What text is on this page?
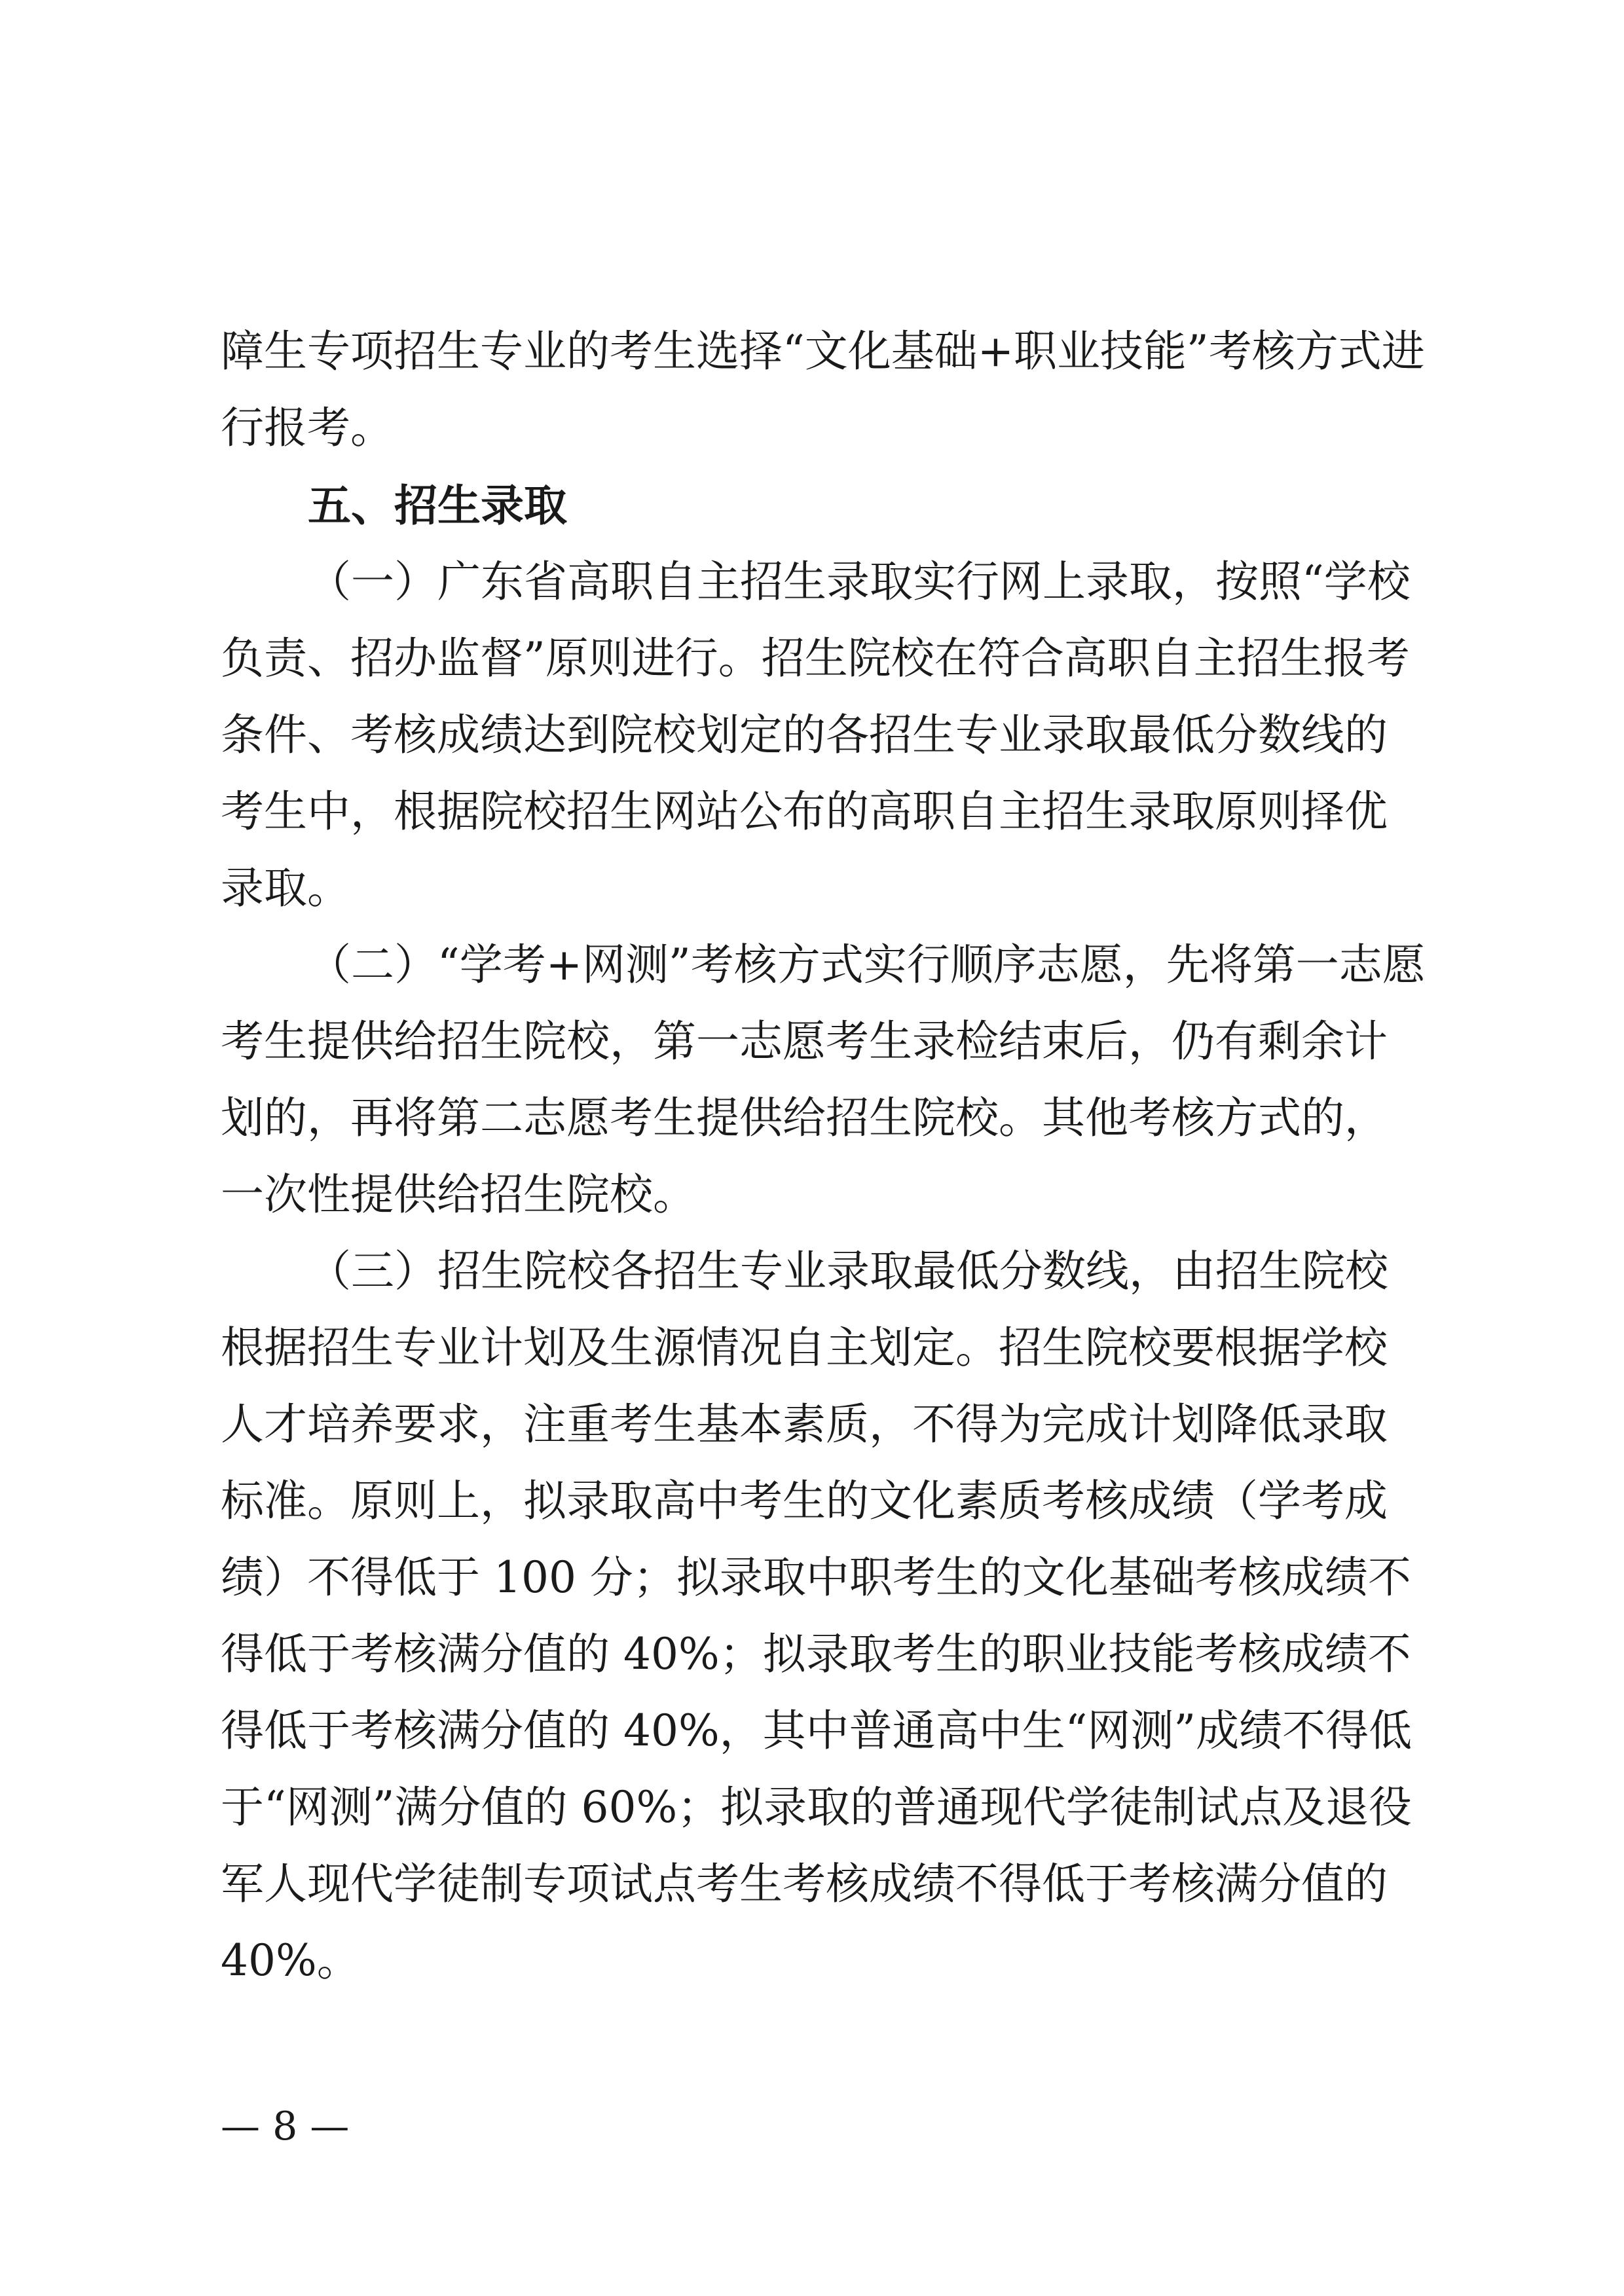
障生专项招生专业的考生选择“文化基础+职业技能”考核方式进
行报考。
五、招生录取
（一）广东省高职自主招生录取实行网上录取，按照“学校
负责、招办监督”原则进行。招生院校在符合高职自主招生报考
条件、考核成绩达到院校划定的各招生专业录取最低分数线的
考生中，根据院校招生网站公布的高职自主招生录取原则择优
录取。
（二）“学考+网测”考核方式实行顺序志愿，先将第一志愿
考生提供给招生院校，第一志愿考生录检结束后，仍有剩余计
划的，再将第二志愿考生提供给招生院校。其他考核方式的，
一次性提供给招生院校。
（三）招生院校各招生专业录取最低分数线，由招生院校
根据招生专业计划及生源情况自主划定。招生院校要根据学校
人才培养要求，注重考生基本素质，不得为完成计划降低录取
标准。原则上，拟录取高中考生的文化素质考核成绩（学考成
绩）不得低于 100 分；拟录取中职考生的文化基础考核成绩不
得低于考核满分值的 40%；拟录取考生的职业技能考核成绩不
得低于考核满分值的 40%，其中普通高中生“网测”成绩不得低
于“网测”满分值的 60%；拟录取的普通现代学徒制试点及退役
军人现代学徒制专项试点考生考核成绩不得低于考核满分值的
40%。
— 8 —
